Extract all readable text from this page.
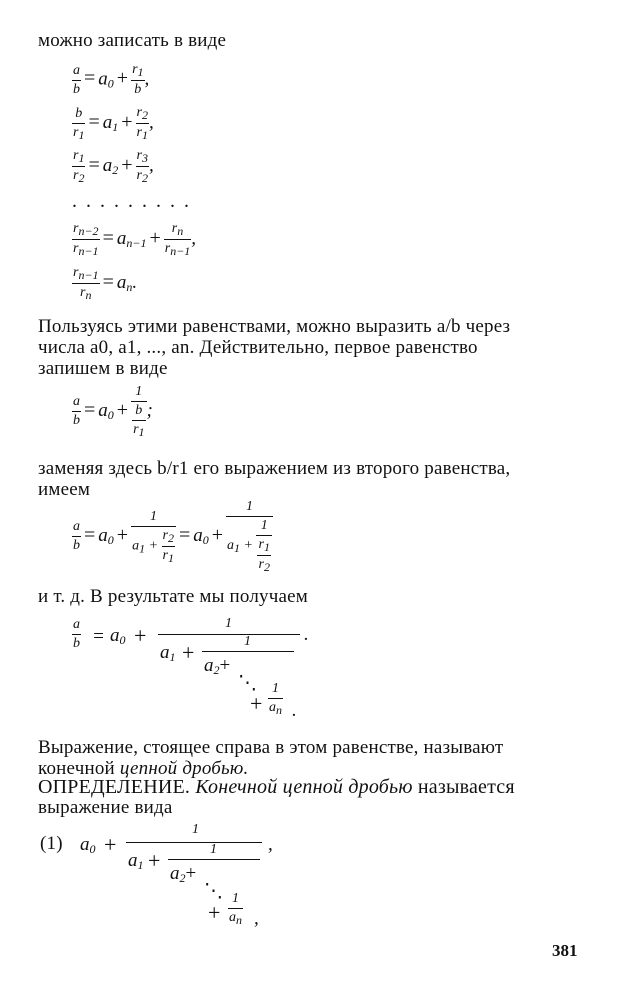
можно записать в виде
$\frac{a}{b} = a_0 + \frac{r_1}{b}$ ,
$\frac{b}{r_1} = a_1 + \frac{r_2}{r_1}$ ,
$\frac{r_1}{r_2} = a_2 + \frac{r_3}{r_2}$ ,
.........
$\frac{r_{n-2}}{r_{n-1}} = a_{n-1} + \frac{r_n}{r_{n-1}}$ ,
$\frac{r_{n-1}}{r_n} = a_n$.
Пользуясь этими равенствами, можно выразить a/b через
числа a0, a1, ..., an. Действительно, первое равенство
запишем в виде
$\frac{a}{b} = a_0 + \frac{1}{\frac{b}{r_1}}$ ;
заменяя здесь b/r1 его выражением из второго равенства,
имеем
$\frac{a}{b} = a_0 + \frac{1}{a_1 + \frac{r_2}{r_1}} = a_0 + \frac{1}{a_1 + \frac{1}{\frac{r_1}{r_2}}}$
и т. д. В результате мы получаем
$\frac{a}{b} = a_0$ +	1
.
$a_1$ +	1
$a_2+$
⋱
+ $\frac{1}{a_n}$ .
Выражение, стоящее справа в этом равенстве, называют
конечной цепной дробью.
ОПРЕДЕЛЕНИЕ. Конечной цепной дробью называется
выражение вида
(1) $a_0$ +
1
,
$a_1$ +	1
$a_2+$
⋱
+ $\frac{1}{a_n}$ ,
381
